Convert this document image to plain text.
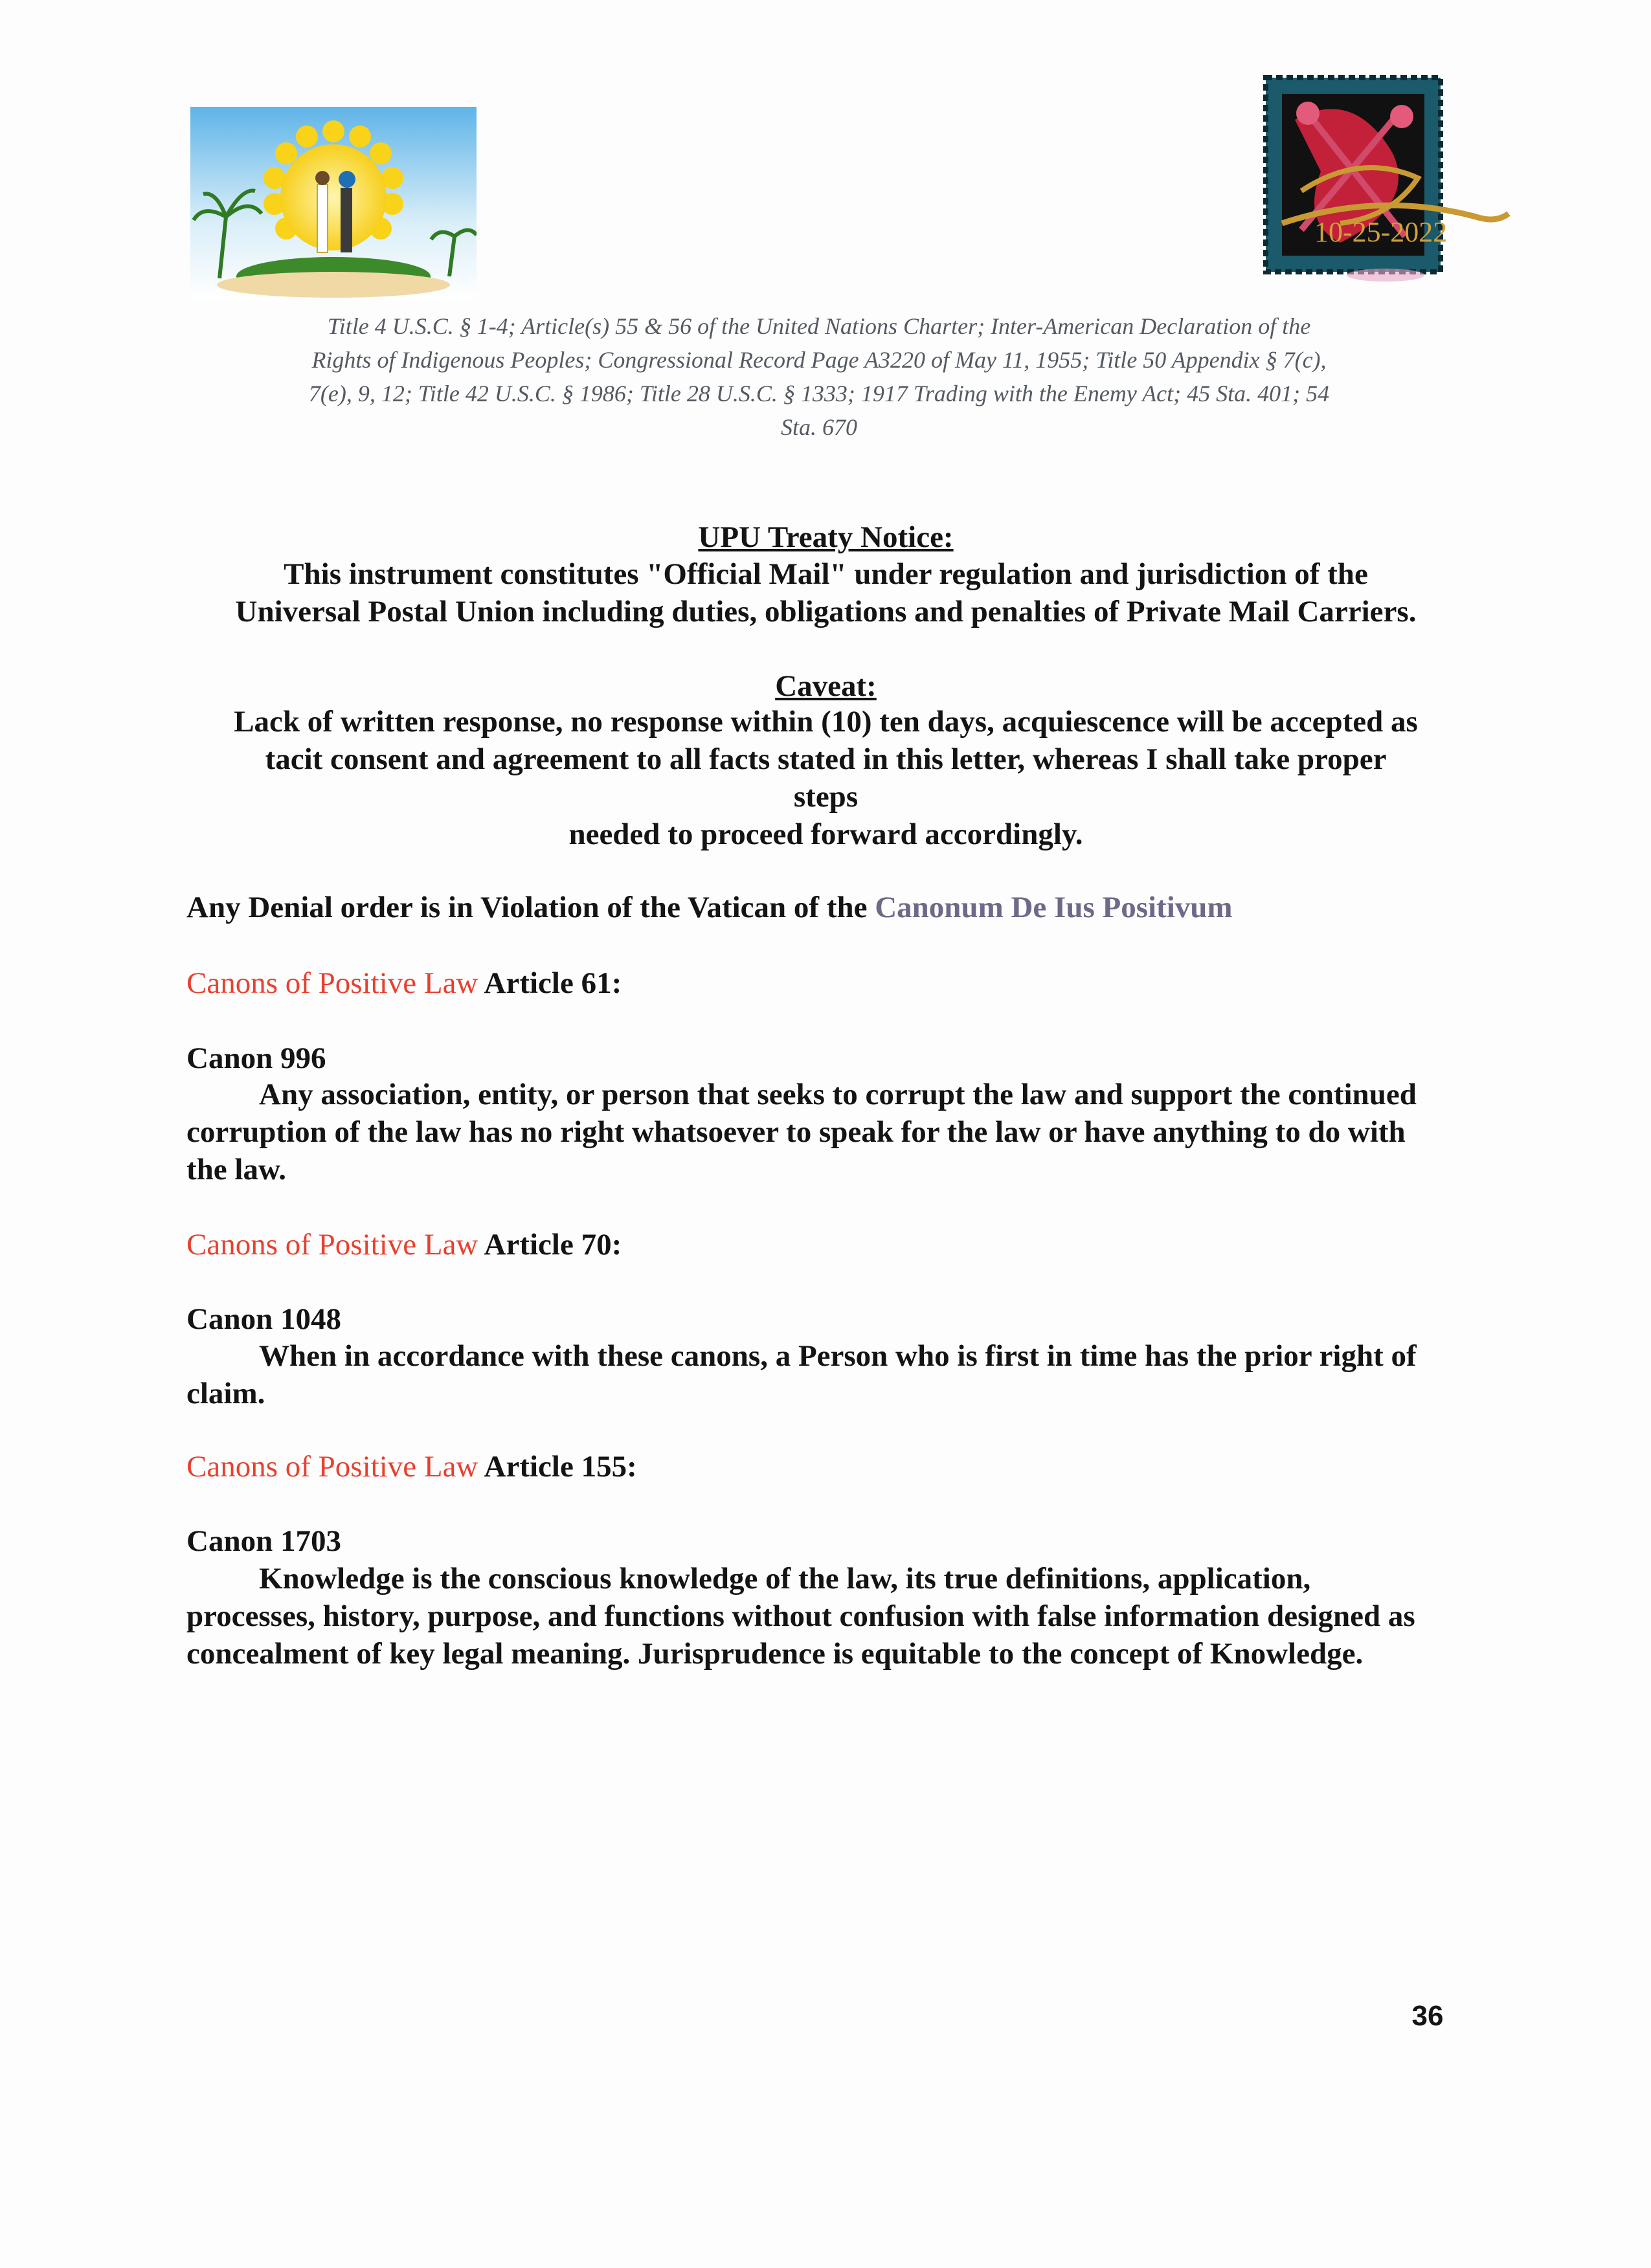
10-25-2022
Title 4 U.S.C. § 1-4; Article(s) 55 & 56 of the United Nations Charter; Inter-American Declaration of the
Rights of Indigenous Peoples; Congressional Record Page A3220 of May 11, 1955; Title 50 Appendix § 7(c),
7(e), 9, 12; Title 42 U.S.C. § 1986; Title 28 U.S.C. § 1333; 1917 Trading with the Enemy Act; 45 Sta. 401; 54
Sta. 670
UPU Treaty Notice:
This instrument constitutes "Official Mail" under regulation and jurisdiction of the
Universal Postal Union including duties, obligations and penalties of Private Mail Carriers.
Caveat:
Lack of written response, no response within (10) ten days, acquiescence will be accepted as
tacit consent and agreement to all facts stated in this letter, whereas I shall take proper
steps
needed to proceed forward accordingly.
Any Denial order is in Violation of the Vatican of the Canonum De Ius Positivum
Canons of Positive Law Article 61:
Canon 996
Any association, entity, or person that seeks to corrupt the law and support the continued corruption of the law has no right whatsoever to speak for the law or have anything to do with the law.
Canons of Positive Law Article 70:
Canon 1048
When in accordance with these canons, a Person who is first in time has the prior right of claim.
Canons of Positive Law Article 155:
Canon 1703
Knowledge is the conscious knowledge of the law, its true definitions, application, processes, history, purpose, and functions without confusion with false information designed as concealment of key legal meaning. Jurisprudence is equitable to the concept of Knowledge.
36
